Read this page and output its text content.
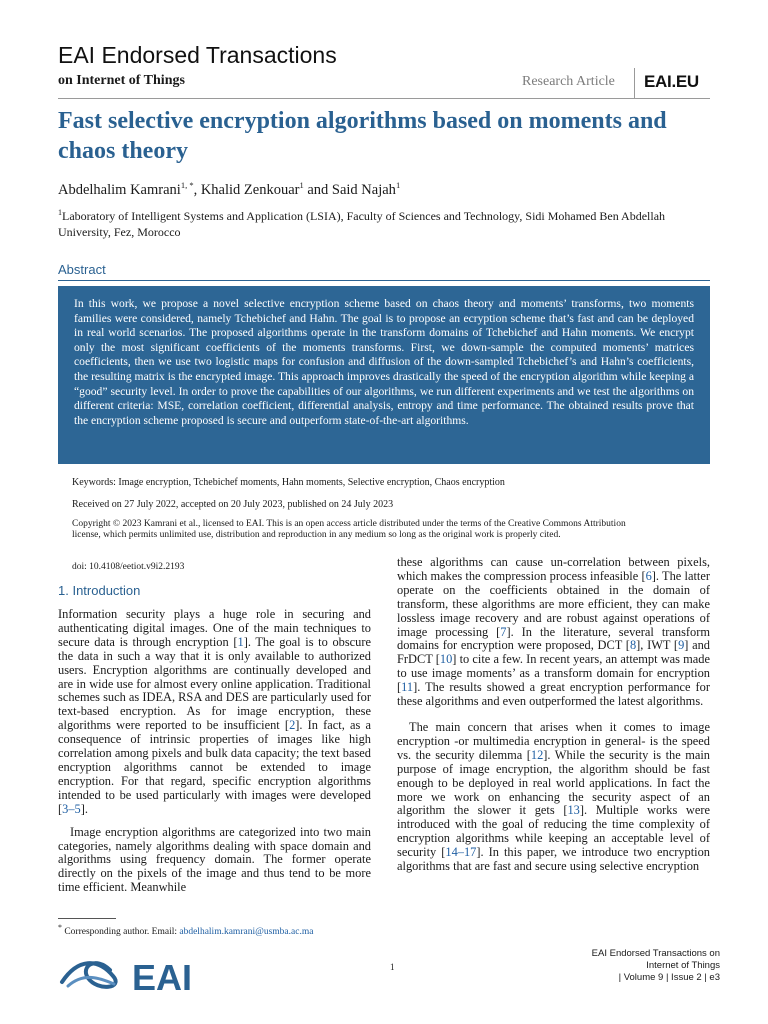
EAI Endorsed Transactions
on Internet of Things	Research Article EAI.EU
Fast selective encryption algorithms based on moments and chaos theory
Abdelhalim Kamrani$^{1, *}$, Khalid Zenkouar$^1$ and Said Najah$^1$
$^1$Laboratory of Intelligent Systems and Application (LSIA), Faculty of Sciences and Technology, Sidi Mohamed Ben Abdellah University, Fez, Morocco
Abstract
In this work, we propose a novel selective encryption scheme based on chaos theory and moments’ transforms, two moments families were considered, namely Tchebichef and Hahn. The goal is to propose an ecryption scheme that’s fast and can be deployed in real world scenarios. The proposed algorithms operate in the transform domains of Tchebichef and Hahn moments. We encrypt only the most significant coefficients of the moments transforms. First, we down-sample the computed moments’ matrices coefficients, then we use two logistic maps for confusion and diffusion of the down-sampled Tchebichef’s and Hahn’s coefficients, the resulting matrix is the encrypted image. This approach improves drastically the speed of the encryption algorithm while keeping a “good” security level. In order to prove the capabilities of our algorithms, we run different experiments and we test the algorithms on different criteria: MSE, correlation coefficient, differential analysis, entropy and time performance. The obtained results prove that the encryption scheme proposed is secure and outperform state-of-the-art algorithms.
Keywords: Image encryption, Tchebichef moments, Hahn moments, Selective encryption, Chaos encryption
Received on 27 July 2022, accepted on 20 July 2023, published on 24 July 2023
Copyright © 2023 Kamrani et al., licensed to EAI. This is an open access article distributed under the terms of the Creative Commons Attribution license, which permits unlimited use, distribution and reproduction in any medium so long as the original work is properly cited.
doi: 10.4108/eetiot.v9i2.2193
1. Introduction

Information security plays a huge role in securing and authenticating digital images. One of the main techniques to secure data is through encryption [1]. The goal is to obscure the data in such a way that it is only available to authorized users. Encryption algorithms are continually developed and are in wide use for almost every online application. Traditional schemes such as IDEA, RSA and DES are particularly used for text-based encryption. As for image encryption, these algorithms were reported to be insufficient [2]. In fact, as a consequence of intrinsic properties of images like high correlation among pixels and bulk data capacity; the text based encryption algorithms cannot be extended to image encryption. For that regard, specific encryption algorithms intended to be used particularly with images were developed [3–5].

Image encryption algorithms are categorized into two main categories, namely algorithms dealing with space domain and algorithms using frequency domain. The former operate directly on the pixels of the image and thus tend to be more time efficient. Meanwhile

these algorithms can cause un-correlation between pixels, which makes the compression process infeasible [6]. The latter operate on the coefficients obtained in the domain of transform, these algorithms are more efficient, they can make lossless image recovery and are robust against operations of image processing [7]. In the literature, several transform domains for encryption were proposed, DCT [8], IWT [9] and FrDCT [10] to cite a few. In recent years, an attempt was made to use image moments’ as a transform domain for encryption [11]. The results showed a great encryption performance for these algorithms and even outperformed the latest algorithms.

The main concern that arises when it comes to image encryption -or multimedia encryption in general- is the speed vs. the security dilemma [12]. While the security is the main purpose of image encryption, the algorithm should be fast enough to be deployed in real world applications. In fact the more we work on enhancing the security aspect of an algorithm the slower it gets [13]. Multiple works were introduced with the goal of reducing the time complexity of encryption algorithms while keeping an acceptable level of security [14–17]. In this paper, we introduce two encryption algorithms that are fast and secure using selective encryption

* Corresponding author. Email: abdelhalim.kamrani@usmba.ac.ma
EAI	1
EAI Endorsed Transactions on
Internet of Things
| Volume 9 | Issue 2 | e3
